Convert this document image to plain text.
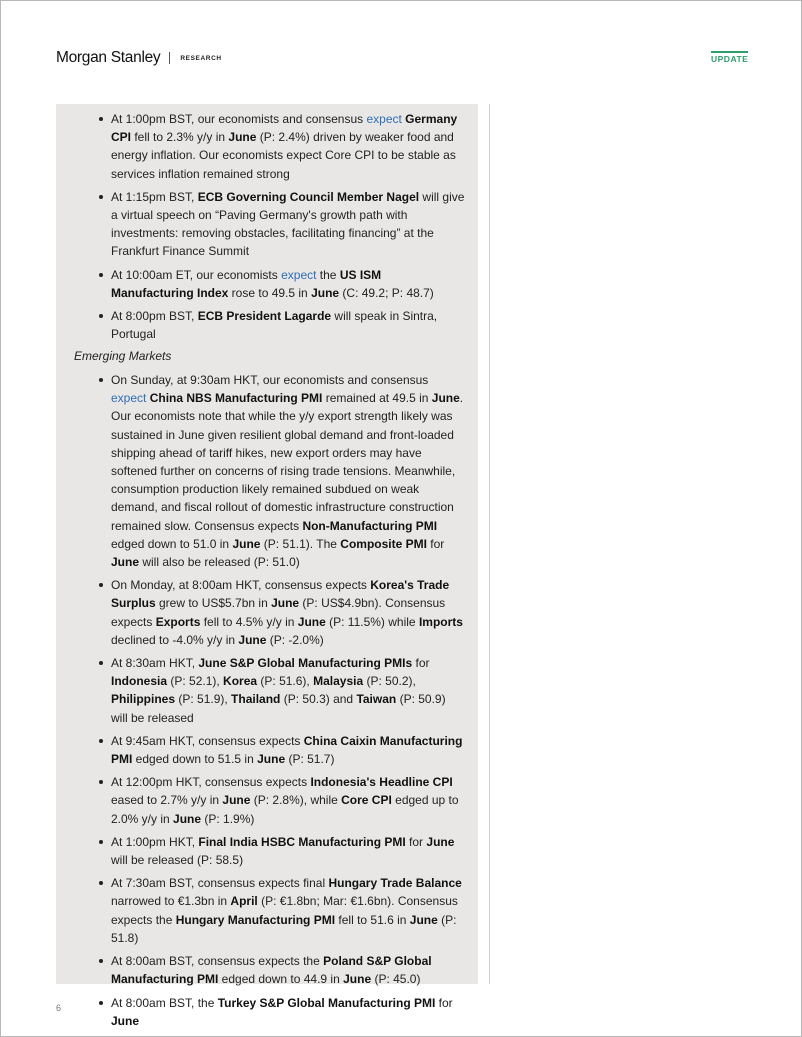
Morgan Stanley	RESEARCH	UPDATE
At 1:00pm BST, our economists and consensus expect Germany CPI fell to 2.3% y/y in June (P: 2.4%) driven by weaker food and energy inflation. Our economists expect Core CPI to be stable as services inflation remained strong
At 1:15pm BST, ECB Governing Council Member Nagel will give a virtual speech on “Paving Germany's growth path with investments: removing obstacles, facilitating financing” at the Frankfurt Finance Summit
At 10:00am ET, our economists expect the US ISM Manufacturing Index rose to 49.5 in June (C: 49.2; P: 48.7)
At 8:00pm BST, ECB President Lagarde will speak in Sintra, Portugal
Emerging Markets
On Sunday, at 9:30am HKT, our economists and consensus expect China NBS Manufacturing PMI remained at 49.5 in June. Our economists note that while the y/y export strength likely was sustained in June given resilient global demand and front-loaded shipping ahead of tariff hikes, new export orders may have softened further on concerns of rising trade tensions. Meanwhile, consumption production likely remained subdued on weak demand, and fiscal rollout of domestic infrastructure construction remained slow. Consensus expects Non-Manufacturing PMI edged down to 51.0 in June (P: 51.1). The Composite PMI for June will also be released (P: 51.0)
On Monday, at 8:00am HKT, consensus expects Korea's Trade Surplus grew to US$5.7bn in June (P: US$4.9bn). Consensus expects Exports fell to 4.5% y/y in June (P: 11.5%) while Imports declined to -4.0% y/y in June (P: -2.0%)
At 8:30am HKT, June S&P Global Manufacturing PMIs for Indonesia (P: 52.1), Korea (P: 51.6), Malaysia (P: 50.2), Philippines (P: 51.9), Thailand (P: 50.3) and Taiwan (P: 50.9) will be released
At 9:45am HKT, consensus expects China Caixin Manufacturing PMI edged down to 51.5 in June (P: 51.7)
At 12:00pm HKT, consensus expects Indonesia's Headline CPI eased to 2.7% y/y in June (P: 2.8%), while Core CPI edged up to 2.0% y/y in June (P: 1.9%)
At 1:00pm HKT, Final India HSBC Manufacturing PMI for June will be released (P: 58.5)
At 7:30am BST, consensus expects final Hungary Trade Balance narrowed to €1.3bn in April (P: €1.8bn; Mar: €1.6bn). Consensus expects the Hungary Manufacturing PMI fell to 51.6 in June (P: 51.8)
At 8:00am BST, consensus expects the Poland S&P Global Manufacturing PMI edged down to 44.9 in June (P: 45.0)
At 8:00am BST, the Turkey S&P Global Manufacturing PMI for June
6
